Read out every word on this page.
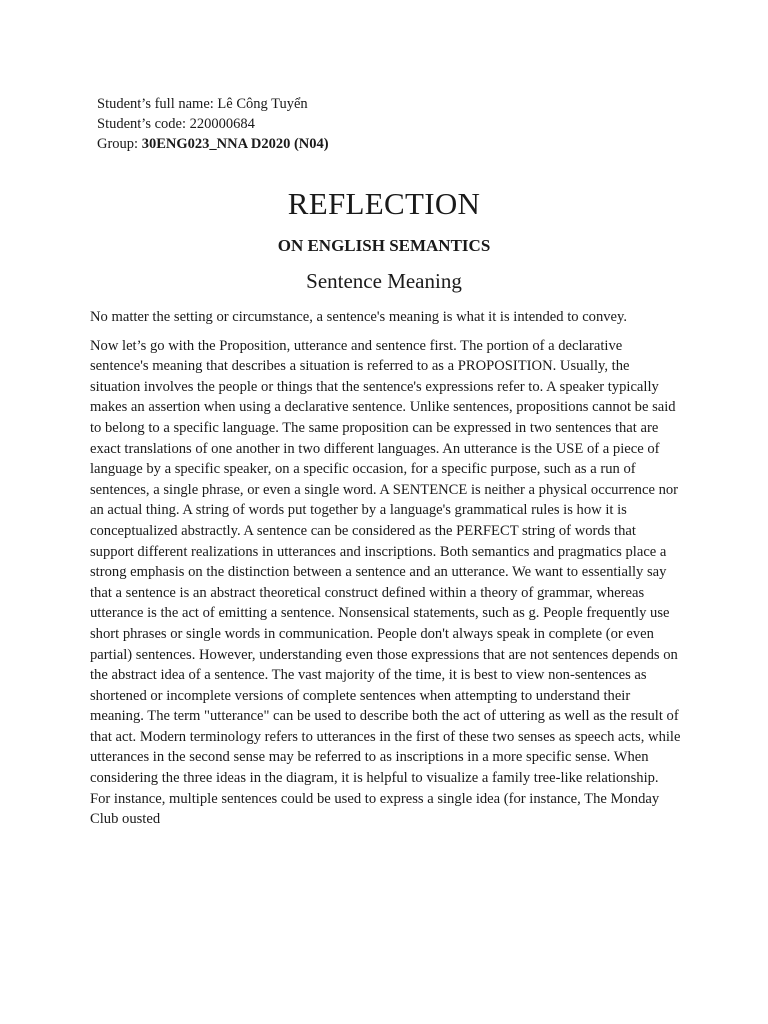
Student’s full name: Lê Công Tuyển
Student’s code: 220000684
Group: 30ENG023_NNA D2020 (N04)
REFLECTION
ON ENGLISH SEMANTICS
Sentence Meaning

No matter the setting or circumstance, a sentence's meaning is what it is intended to convey.

Now let’s go with the Proposition, utterance and sentence first. The portion of a declarative sentence's meaning that describes a situation is referred to as a PROPOSITION. Usually, the situation involves the people or things that the sentence's expressions refer to. A speaker typically makes an assertion when using a declarative sentence. Unlike sentences, propositions cannot be said to belong to a specific language. The same proposition can be expressed in two sentences that are exact translations of one another in two different languages. An utterance is the USE of a piece of language by a specific speaker, on a specific occasion, for a specific purpose, such as a run of sentences, a single phrase, or even a single word. A SENTENCE is neither a physical occurrence nor an actual thing. A string of words put together by a language's grammatical rules is how it is conceptualized abstractly. A sentence can be considered as the PERFECT string of words that support different realizations in utterances and inscriptions. Both semantics and pragmatics place a strong emphasis on the distinction between a sentence and an utterance. We want to essentially say that a sentence is an abstract theoretical construct defined within a theory of grammar, whereas utterance is the act of emitting a sentence. Nonsensical statements, such as g. People frequently use short phrases or single words in communication. People don't always speak in complete (or even partial) sentences. However, understanding even those expressions that are not sentences depends on the abstract idea of a sentence. The vast majority of the time, it is best to view non-sentences as shortened or incomplete versions of complete sentences when attempting to understand their meaning. The term "utterance" can be used to describe both the act of uttering as well as the result of that act. Modern terminology refers to utterances in the first of these two senses as speech acts, while utterances in the second sense may be referred to as inscriptions in a more specific sense. When considering the three ideas in the diagram, it is helpful to visualize a family tree-like relationship. For instance, multiple sentences could be used to express a single idea (for instance, The Monday Club ousted
